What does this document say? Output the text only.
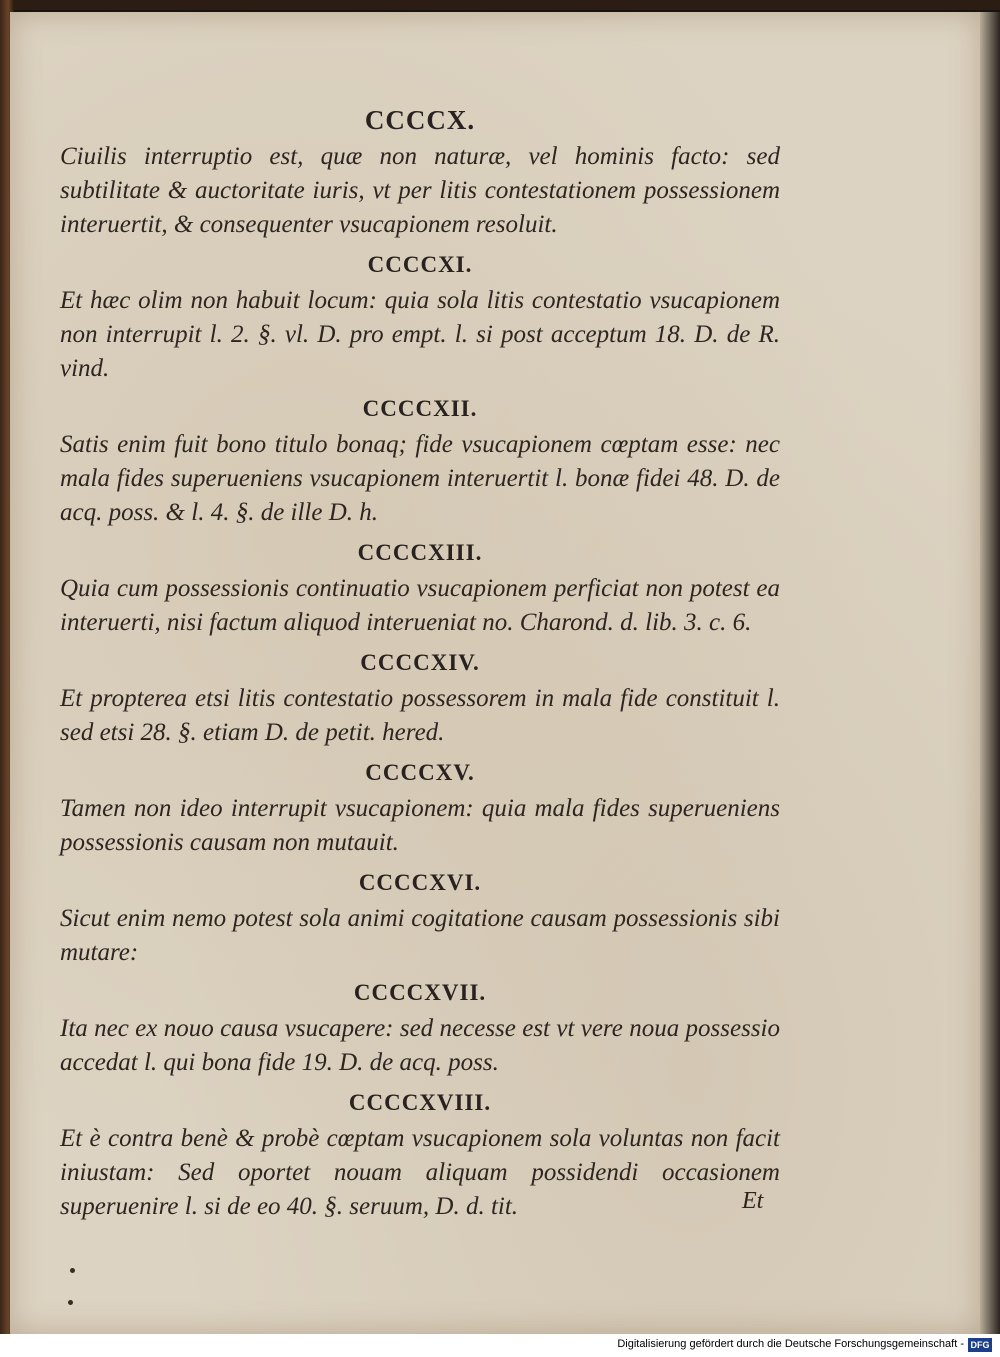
CCCCX.

Ciuilis interruptio est, quæ non naturæ, vel hominis facto: sed subtilitate & auctoritate iuris, vt per litis contestationem possessionem interuertit, & consequenter vsucapionem resoluit.

CCCCXI.

Et hæc olim non habuit locum: quia sola litis contestatio vsucapionem non interrupit l. 2. §. vl. D. pro empt. l. si post acceptum 18. D. de R. vind.

CCCCXII.

Satis enim fuit bono titulo bonaq; fide vsucapionem cœptam esse: nec mala fides superueniens vsucapionem interuertit l. bonæ fidei 48. D. de acq. poss. & l. 4. §. de ille D. h.

CCCCXIII.

Quia cum possessionis continuatio vsucapionem perficiat non potest ea interuerti, nisi factum aliquod interueniat no. Charond. d. lib. 3. c. 6.

CCCCXIV.

Et propterea etsi litis contestatio possessorem in mala fide constituit l. sed etsi 28. §. etiam D. de petit. hered.

CCCCXV.

Tamen non ideo interrupit vsucapionem: quia mala fides superueniens possessionis causam non mutauit.

CCCCXVI.

Sicut enim nemo potest sola animi cogitatione causam possessionis sibi mutare:

CCCCXVII.

Ita nec ex nouo causa vsucapere: sed necesse est vt vere noua possessio accedat l. qui bona fide 19. D. de acq. poss.

CCCCXVIII.

Et è contra benè & probè cœptam vsucapionem sola voluntas non facit iniustam: Sed oportet nouam aliquam possidendi occasionem superuenire l. si de eo 40. §. seruum, D. d. tit.	Et
Digitalisierung gefördert durch die Deutsche Forschungsgemeinschaft - DFG
